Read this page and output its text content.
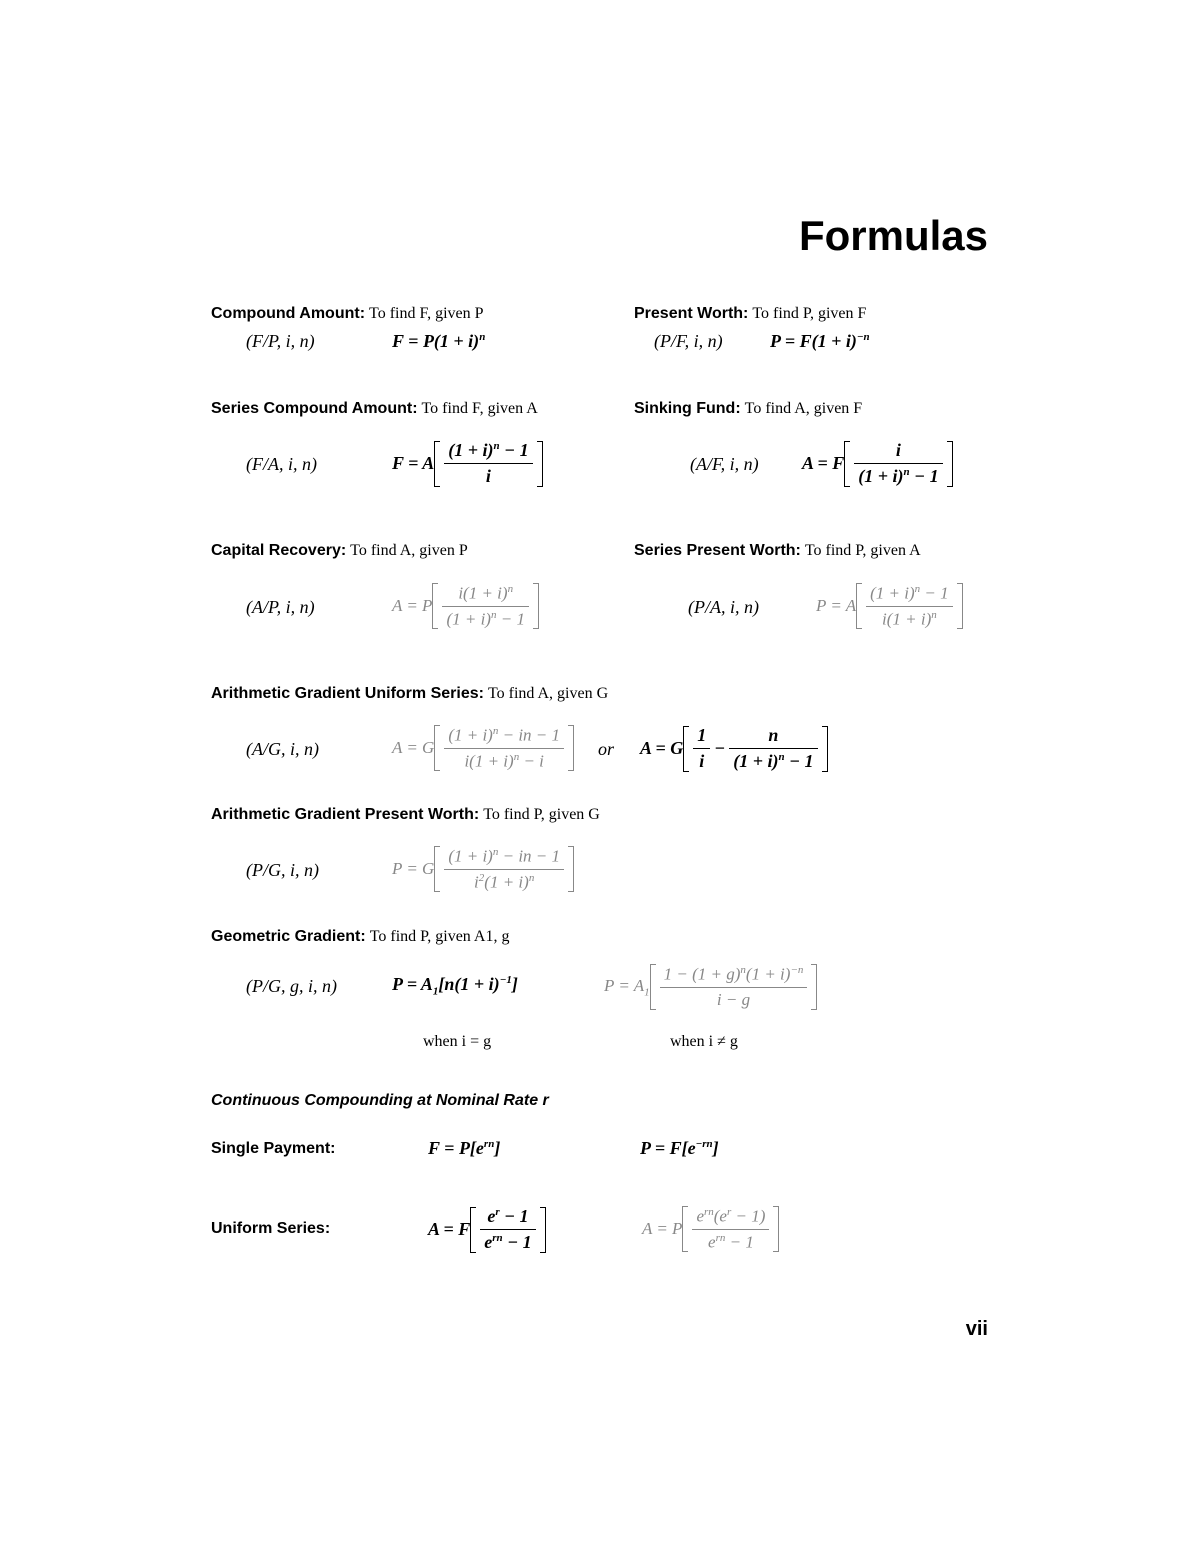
Formulas
Compound Amount: To find F, given P
(F/P, i, n)	$F = P(1 + i)^n$
Present Worth: To find P, given F
(P/F, i, n)	$P = F(1 + i)^{-n}$
Series Compound Amount: To find F, given A
(F/A, i, n)	F = A $\frac{(1 + i)^n - 1}{i}$
Sinking Fund: To find A, given F
(A/F, i, n) A = F $\frac{i}{(1 + i)^n - 1}$
Capital Recovery: To find A, given P
(A/P, i, n)	A = P $\frac{i(1 + i)^n}{(1 + i)^n - 1}$
Series Present Worth: To find P, given A
(P/A, i, n)	P = A $\frac{(1 + i)^n - 1}{i(1 + i)^n}$
Arithmetic Gradient Uniform Series: To find A, given G
(A/G, i, n)	A = G $\frac{(1 + i)^n - in - 1}{i(1 + i)^n - i}$ or A = G $\frac{1}{i} - \frac{n}{(1 + i)^n - 1}$
Arithmetic Gradient Present Worth: To find P, given G
(P/G, i, n)	P = G $\frac{(1 + i)^n - in - 1}{i^2(1 + i)^n}$
Geometric Gradient: To find P, given A1, g
(P/G, g, i, n)	$P = A_1[n(1 + i)^{-1}]$	$P = A_1 \frac{1 - (1 + g)^n(1 + i)^{-n}}{i - g}$
when i = g	when i ≠ g
Continuous Compounding at Nominal Rate r
Single Payment:	$F = P[e^{rn}]$	$P = F[e^{-rn}]$
Uniform Series:	A = F $\frac{e^r - 1}{e^{rn} - 1}$	A = P $\frac{e^{rn}(e^r - 1)}{e^{rn} - 1}$
vii
